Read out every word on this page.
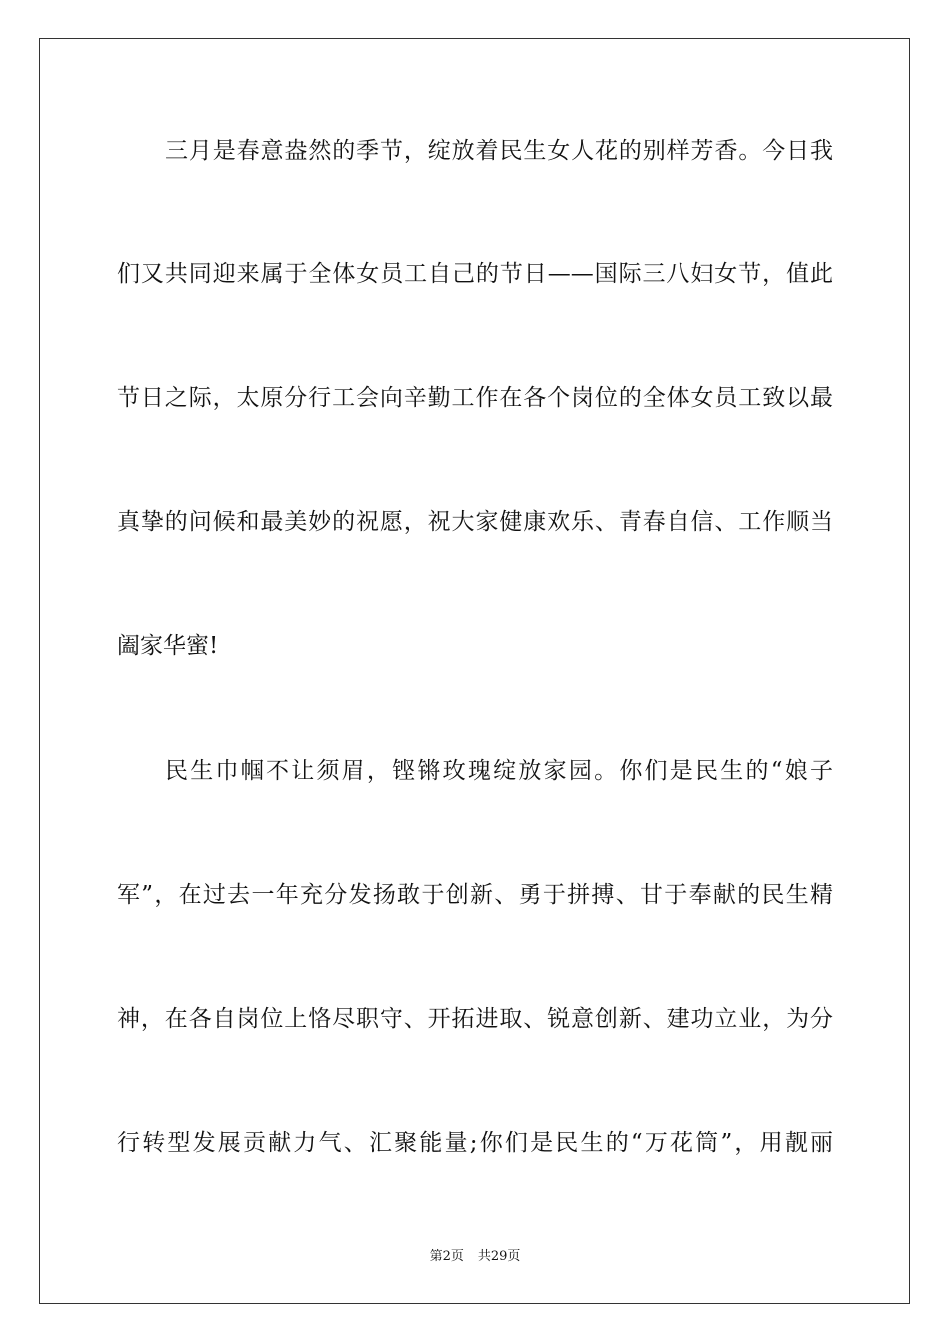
三月是春意盎然的季节，绽放着民生女人花的别样芳香。今日我
们又共同迎来属于全体女员工自己的节日——国际三八妇女节，值此
节日之际，太原分行工会向辛勤工作在各个岗位的全体女员工致以最
真挚的问候和最美妙的祝愿，祝大家健康欢乐、青春自信、工作顺当
阖家华蜜!
民生巾帼不让须眉，铿锵玫瑰绽放家园。你们是民生的“娘子
军”，在过去一年充分发扬敢于创新、勇于拼搏、甘于奉献的民生精
神，在各自岗位上恪尽职守、开拓进取、锐意创新、建功立业，为分
行转型发展贡献力气、汇聚能量;你们是民生的“万花筒”，用靓丽
第2页 共29页
